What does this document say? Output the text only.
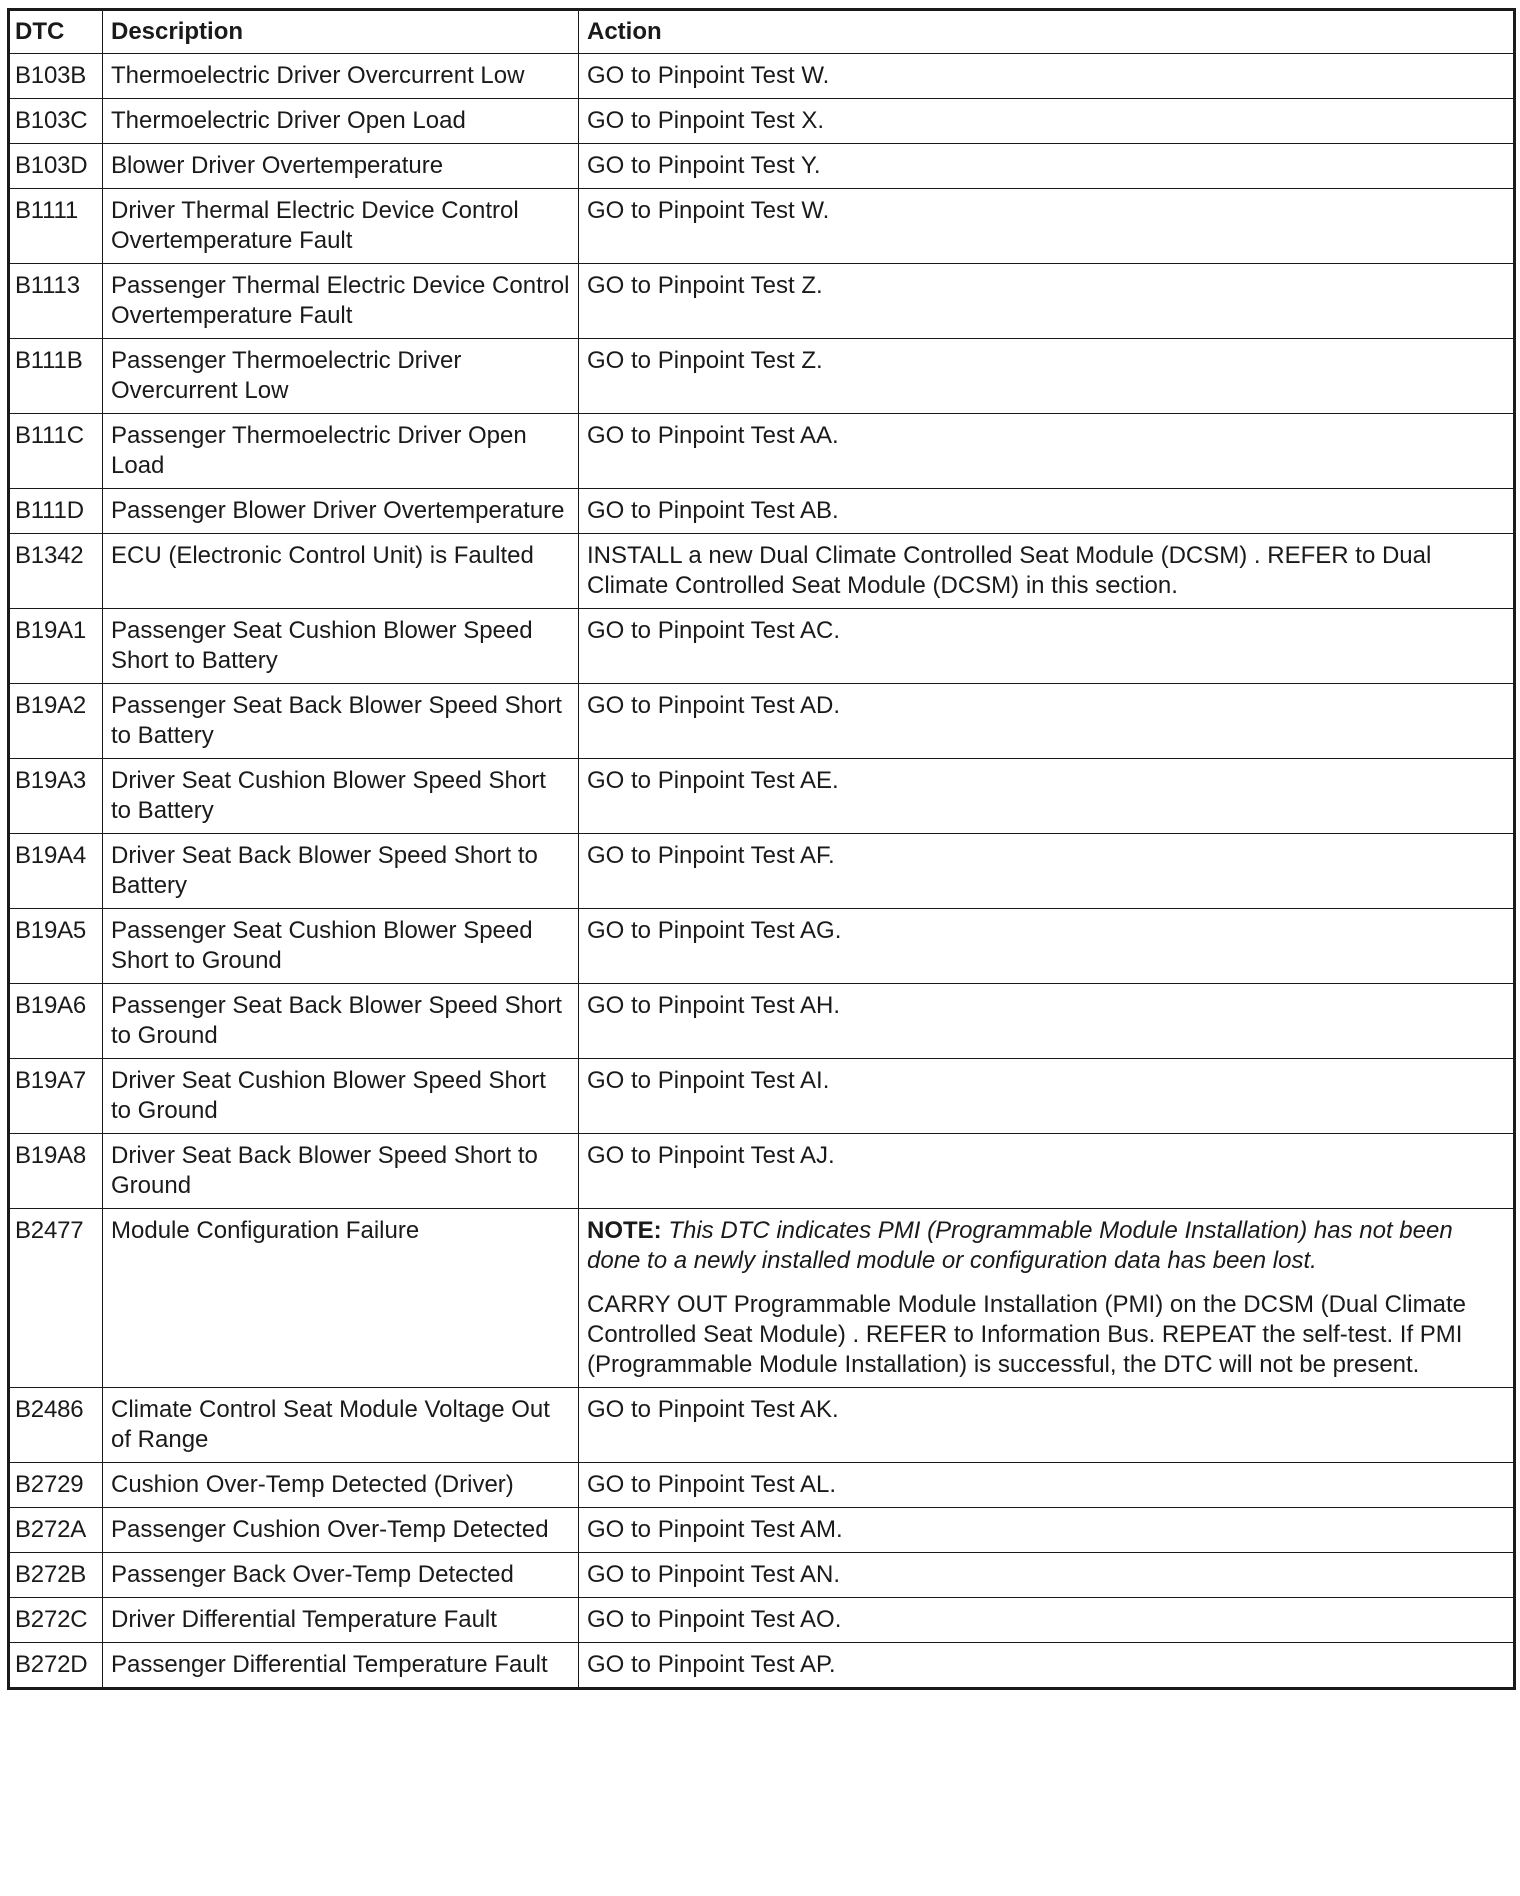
DTC	Description	Action
B103B	Thermoelectric Driver Overcurrent Low	GO to Pinpoint Test W.
B103C	Thermoelectric Driver Open Load	GO to Pinpoint Test X.
B103D	Blower Driver Overtemperature	GO to Pinpoint Test Y.
B1111	Driver Thermal Electric Device Control Overtemperature Fault	GO to Pinpoint Test W.
B1113	Passenger Thermal Electric Device Control Overtemperature Fault	GO to Pinpoint Test Z.
B111B	Passenger Thermoelectric Driver Overcurrent Low	GO to Pinpoint Test Z.
B111C	Passenger Thermoelectric Driver Open Load	GO to Pinpoint Test AA.
B111D	Passenger Blower Driver Overtemperature	GO to Pinpoint Test AB.
B1342	ECU (Electronic Control Unit) is Faulted	INSTALL a new Dual Climate Controlled Seat Module (DCSM) . REFER to Dual Climate Controlled Seat Module (DCSM) in this section.
B19A1	Passenger Seat Cushion Blower Speed Short to Battery	GO to Pinpoint Test AC.
B19A2	Passenger Seat Back Blower Speed Short to Battery	GO to Pinpoint Test AD.
B19A3	Driver Seat Cushion Blower Speed Short to Battery	GO to Pinpoint Test AE.
B19A4	Driver Seat Back Blower Speed Short to Battery	GO to Pinpoint Test AF.
B19A5	Passenger Seat Cushion Blower Speed Short to Ground	GO to Pinpoint Test AG.
B19A6	Passenger Seat Back Blower Speed Short to Ground	GO to Pinpoint Test AH.
B19A7	Driver Seat Cushion Blower Speed Short to Ground	GO to Pinpoint Test AI.
B19A8	Driver Seat Back Blower Speed Short to Ground	GO to Pinpoint Test AJ.
B2477	Module Configuration Failure	NOTE: This DTC indicates PMI (Programmable Module Installation) has not been done to a newly installed module or configuration data has been lost.

CARRY OUT Programmable Module Installation (PMI) on the DCSM (Dual Climate Controlled Seat Module) . REFER to Information Bus. REPEAT the self-test. If PMI (Programmable Module Installation) is successful, the DTC will not be present.

B2486	Climate Control Seat Module Voltage Out of Range	GO to Pinpoint Test AK.
B2729	Cushion Over-Temp Detected (Driver)	GO to Pinpoint Test AL.
B272A	Passenger Cushion Over-Temp Detected	GO to Pinpoint Test AM.
B272B	Passenger Back Over-Temp Detected	GO to Pinpoint Test AN.
B272C	Driver Differential Temperature Fault	GO to Pinpoint Test AO.
B272D	Passenger Differential Temperature Fault	GO to Pinpoint Test AP.
